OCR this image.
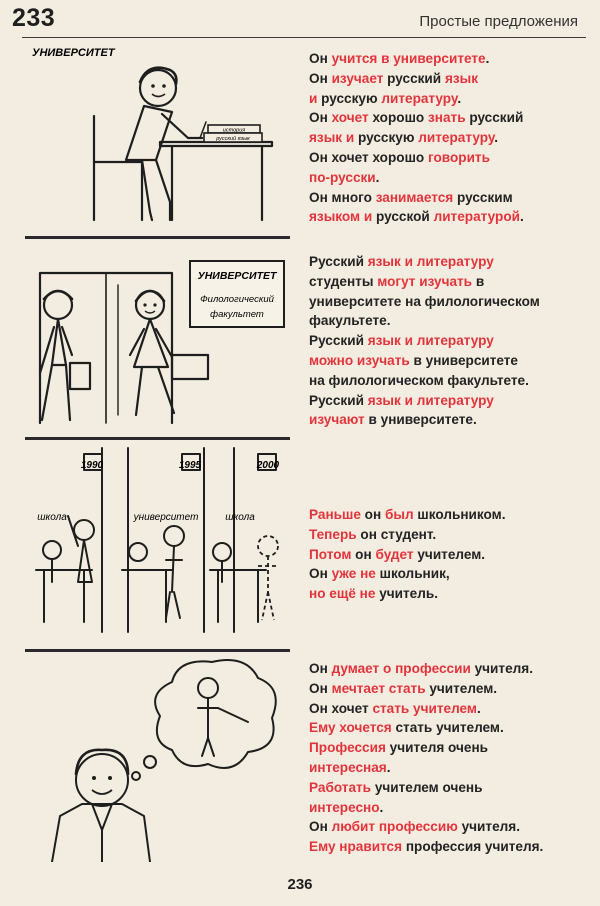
233	Простые предложения
история
русский язык
УНИВЕРСИТЕТ	Он учится в университете.
Он изучает русский язык
и русскую литературу.
Он хочет хорошо знать русский
язык и русскую литературу.
Он хочет хорошо говорить
по-русски.
Он много занимается русским
языком и русской литературой.
УНИВЕРСИТЕТ
Филологический
факультет
Русский язык и литературу
студенты могут изучать в
университете на филологическом
факультете.
Русский язык и литературу
можно изучать в университете
на филологическом факультете.
Русский язык и литературу
изучают в университете.
1990	1995	2000
школа	университет	школа	Раньше он был школьником.
Теперь он студент.
Потом он будет учителем.
Он уже не школьник,
но ещё не учитель.
Он думает о профессии учителя.
Он мечтает стать учителем.
Он хочет стать учителем.
Ему хочется стать учителем.
Профессия учителя очень
интересная.
Работать учителем очень
интересно.
Он любит профессию учителя.
Ему нравится профессия учителя.
236
